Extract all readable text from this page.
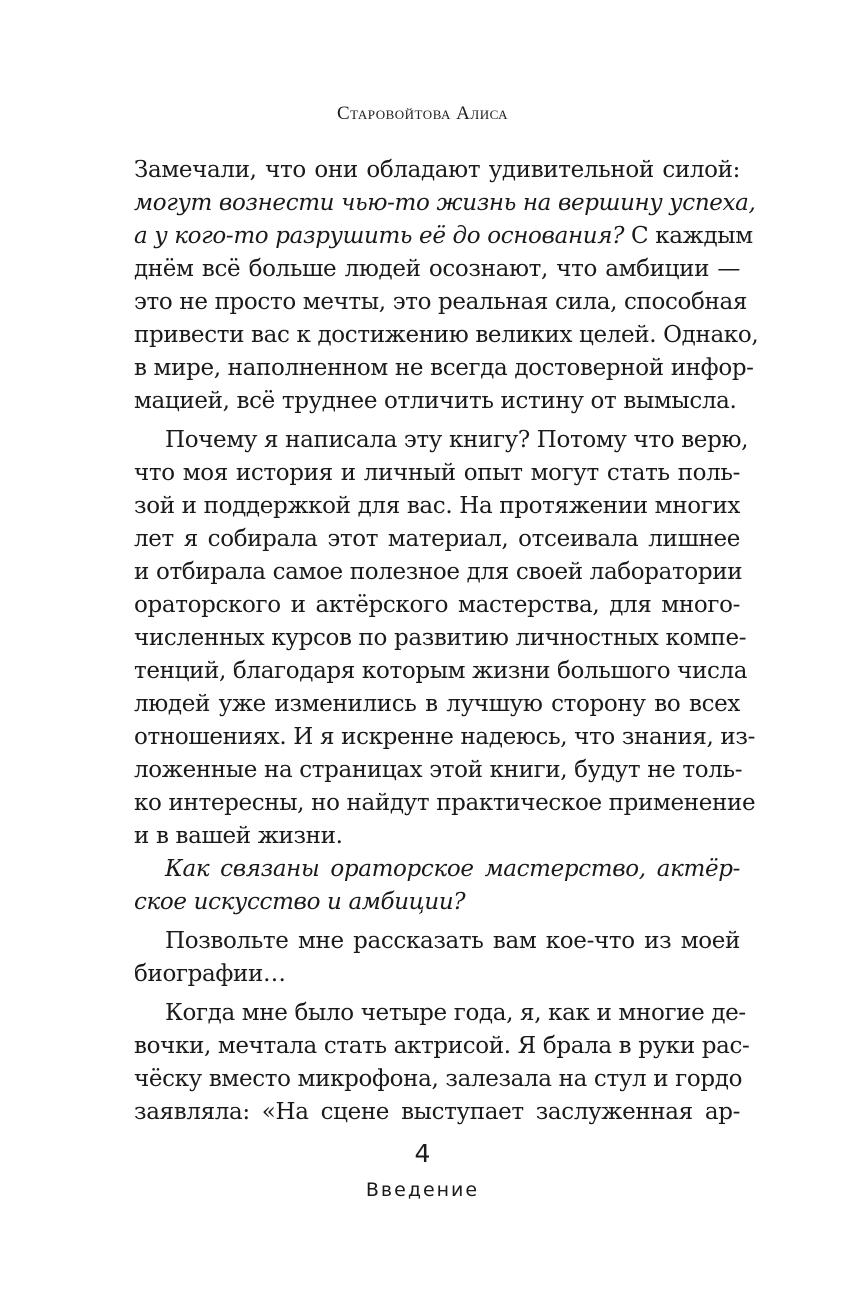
Старовойтова Алиса

Замечали, что они обладают удивительной силой:
могут вознести чью-то жизнь на вершину успеха,
а у кого-то разрушить её до основания? С каждым
днём всё больше людей осознают, что амбиции —
это не просто мечты, это реальная сила, способная
привести вас к достижению великих целей. Однако,
в мире, наполненном не всегда достоверной инфор-
мацией, всё труднее отличить истину от вымысла.

Почему я написала эту книгу? Потому что верю,
что моя история и личный опыт могут стать поль-
зой и поддержкой для вас. На протяжении многих
лет я собирала этот материал, отсеивала лишнее
и отбирала самое полезное для своей лаборатории
ораторского и актёрского мастерства, для много-
численных курсов по развитию личностных компе-
тенций, благодаря которым жизни большого числа
людей уже изменились в лучшую сторону во всех
отношениях. И я искренне надеюсь, что знания, из-
ложенные на страницах этой книги, будут не толь-
ко интересны, но найдут практическое применение
и в вашей жизни.

Как связаны ораторское мастерство, актёр-
ское искусство и амбиции?

Позвольте мне рассказать вам кое-что из моей
биографии…

Когда мне было четыре года, я, как и многие де-
вочки, мечтала стать актрисой. Я брала в руки рас-
чёску вместо микрофона, залезала на стул и гордо
заявляла: «На сцене выступает заслуженная ар-

4
Введение
